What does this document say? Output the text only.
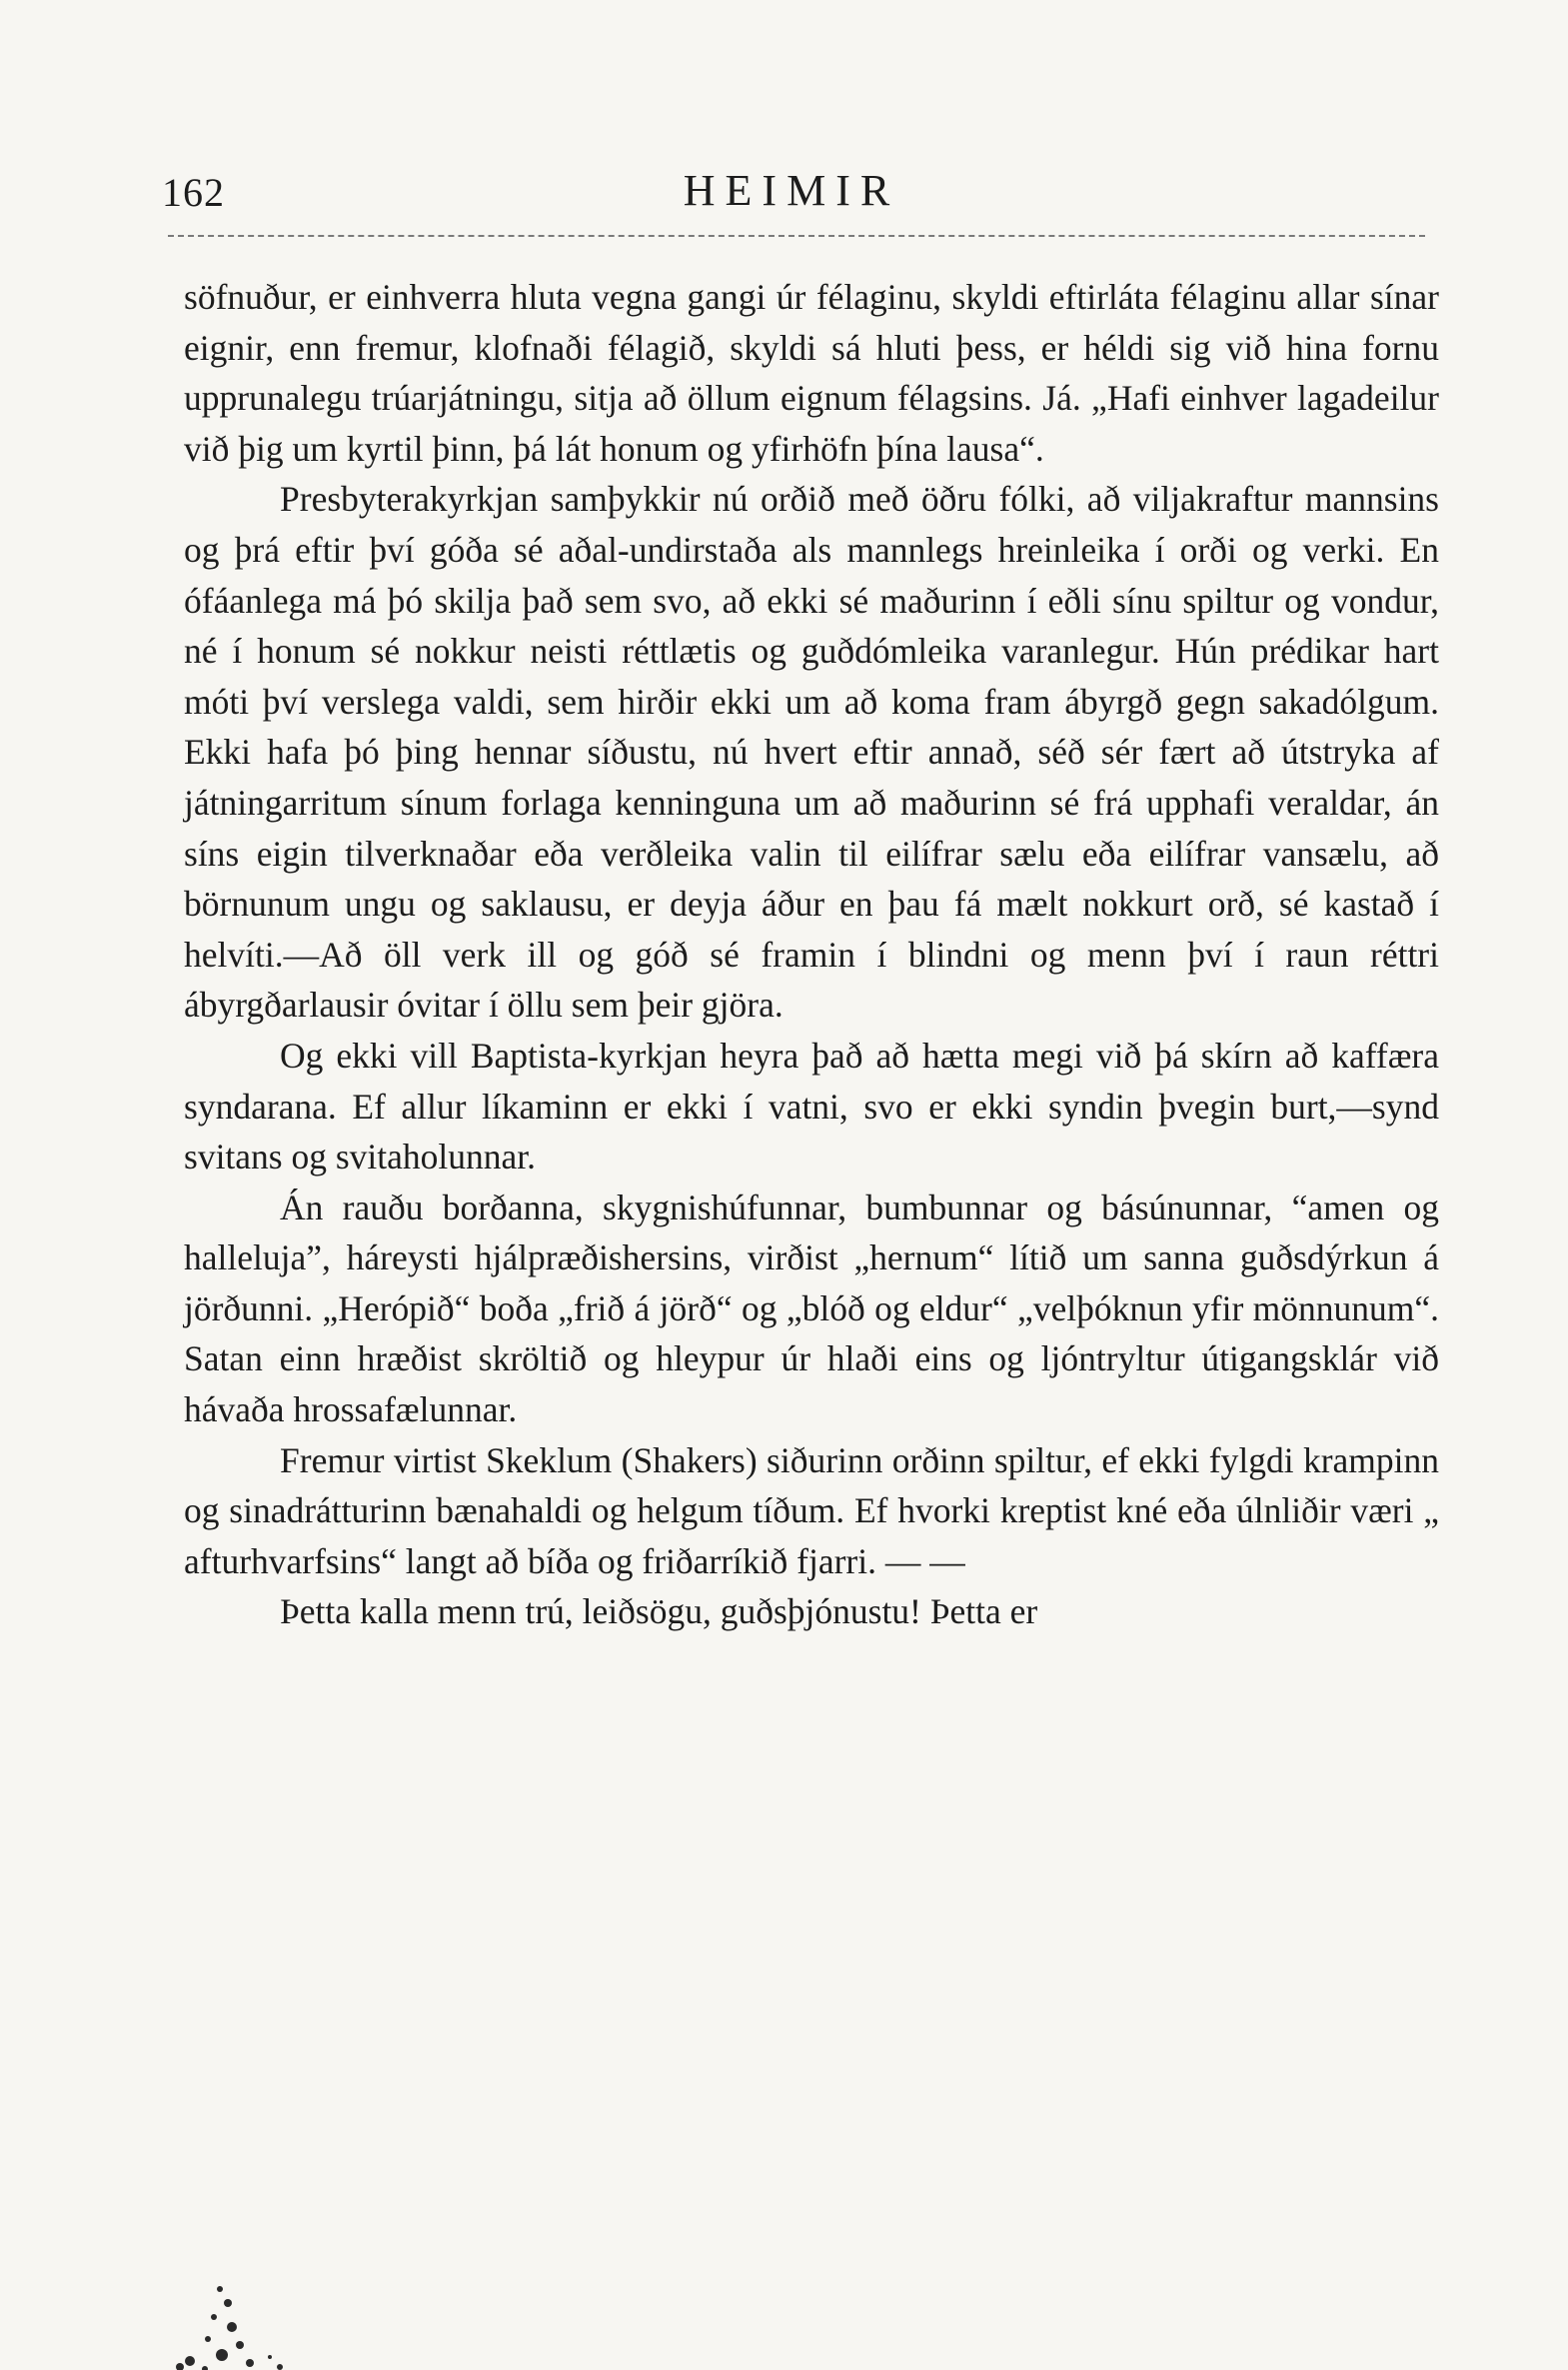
162	HEIMIR

söfnuður, er einhverra hluta vegna gangi úr félaginu, skyldi eftirláta félaginu allar sínar eignir, enn fremur, klofnaði félagið, skyldi sá hluti þess, er héldi sig við hina fornu upprunalegu trúarjátningu, sitja að öllum eignum félagsins. Já. „Hafi einhver lagadeilur við þig um kyrtil þinn, þá lát honum og yfirhöfn þína lausa“.

Presbyterakyrkjan samþykkir nú orðið með öðru fólki, að viljakraftur mannsins og þrá eftir því góða sé aðal-undirstaða als mannlegs hreinleika í orði og verki. En ófáanlega má þó skilja það sem svo, að ekki sé maðurinn í eðli sínu spiltur og vondur, né í honum sé nokkur neisti réttlætis og guðdómleika varanlegur. Hún prédikar hart móti því verslega valdi, sem hirðir ekki um að koma fram ábyrgð gegn sakadólgum. Ekki hafa þó þing hennar síðustu, nú hvert eftir annað, séð sér fært að útstryka af játningarritum sínum forlaga kenninguna um að maðurinn sé frá upphafi veraldar, án síns eigin tilverknaðar eða verðleika valin til eilífrar sælu eða eilífrar vansælu, að börnunum ungu og saklausu, er deyja áður en þau fá mælt nokkurt orð, sé kastað í helvíti.—Að öll verk ill og góð sé framin í blindni og menn því í raun réttri ábyrgðarlausir óvitar í öllu sem þeir gjöra.

Og ekki vill Baptista-kyrkjan heyra það að hætta megi við þá skírn að kaffæra syndarana. Ef allur líkaminn er ekki í vatni, svo er ekki syndin þvegin burt,—synd svitans og svitaholunnar.

Án rauðu borðanna, skygnishúfunnar, bumbunnar og básúnunnar, “amen og halleluja”, háreysti hjálpræðishersins, virðist „hernum“ lítið um sanna guðsdýrkun á jörðunni. „Herópið“ boða „frið á jörð“ og „blóð og eldur“ „velþóknun yfir mönnunum“. Satan einn hræðist skröltið og hleypur úr hlaði eins og ljóntryltur útigangsklár við hávaða hrossafælunnar.

Fremur virtist Skeklum (Shakers) siðurinn orðinn spiltur, ef ekki fylgdi krampinn og sinadrátturinn bænahaldi og helgum tíðum. Ef hvorki kreptist kné eða úlnliðir væri „ afturhvarfsins“ langt að bíða og friðarríkið fjarri. — —

Þetta kalla menn trú, leiðsögu, guðsþjónustu! Þetta er
